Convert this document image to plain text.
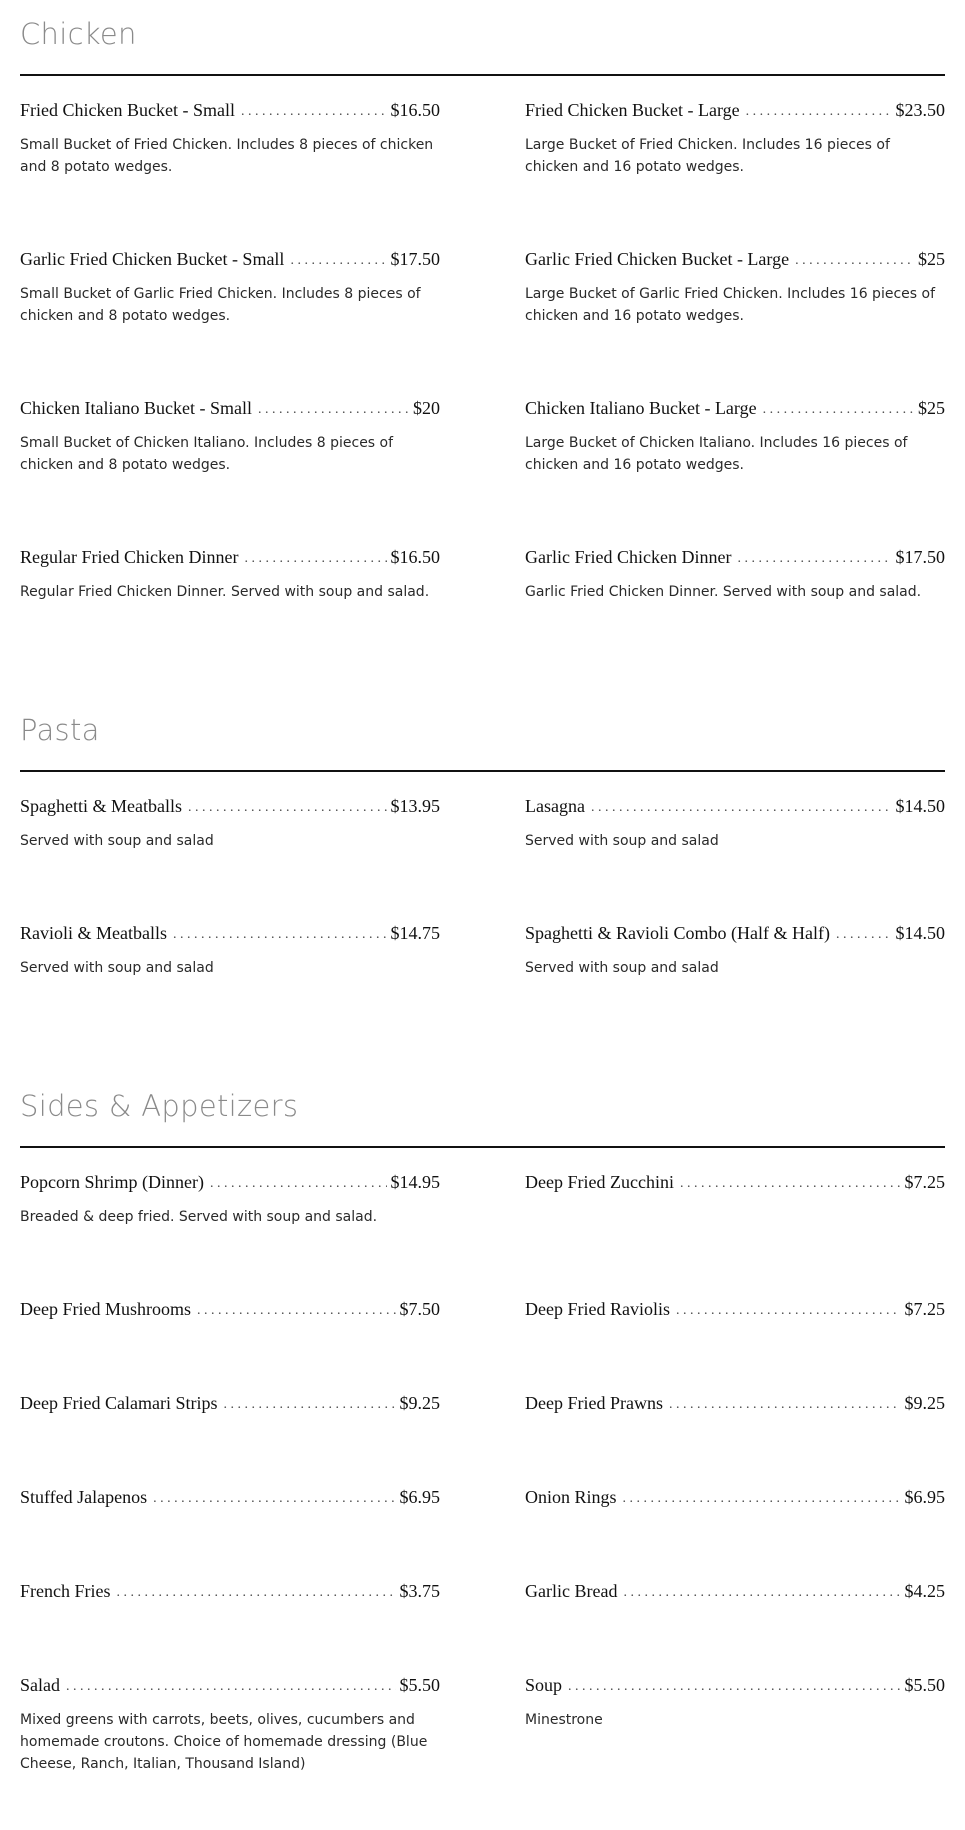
Chicken
Fried Chicken Bucket - Small . . .	$16.50
Small Bucket of Fried Chicken. Includes 8 pieces of chicken and 8 potato wedges.
Fried Chicken Bucket - Large . . .	$23.50
Large Bucket of Fried Chicken. Includes 16 pieces of chicken and 16 potato wedges.
Garlic Fried Chicken Bucket - Small . . .	$17.50
Small Bucket of Garlic Fried Chicken. Includes 8 pieces of chicken and 8 potato wedges.
Garlic Fried Chicken Bucket - Large . . .	$25
Large Bucket of Garlic Fried Chicken. Includes 16 pieces of chicken and 16 potato wedges.
Chicken Italiano Bucket - Small . . .	$20
Small Bucket of Chicken Italiano. Includes 8 pieces of chicken and 8 potato wedges.
Chicken Italiano Bucket - Large . . .	$25
Large Bucket of Chicken Italiano. Includes 16 pieces of chicken and 16 potato wedges.
Regular Fried Chicken Dinner . . .	$16.50
Regular Fried Chicken Dinner. Served with soup and salad.
Garlic Fried Chicken Dinner . . .	$17.50
Garlic Fried Chicken Dinner. Served with soup and salad.
Pasta
Spaghetti & Meatballs . . .	$13.95
Served with soup and salad
Lasagna . . .	$14.50
Served with soup and salad
Ravioli & Meatballs . . .	$14.75
Served with soup and salad
Spaghetti & Ravioli Combo (Half & Half) . . .	$14.50
Served with soup and salad
Sides & Appetizers
Popcorn Shrimp (Dinner) . . .	$14.95
Breaded & deep fried. Served with soup and salad.
Deep Fried Zucchini . . .	$7.25
Deep Fried Mushrooms . . .	$7.50	Deep Fried Raviolis . . .	$7.25
Deep Fried Calamari Strips . . .	$9.25	Deep Fried Prawns . . .	$9.25
Stuffed Jalapenos . . .	$6.95	Onion Rings . . .	$6.95
French Fries . . .	$3.75	Garlic Bread . . .	$4.25
Salad . . .	$5.50
Mixed greens with carrots, beets, olives, cucumbers and homemade croutons. Choice of homemade dressing (Blue Cheese, Ranch, Italian, Thousand Island)
Soup . . .	$5.50
Minestrone
